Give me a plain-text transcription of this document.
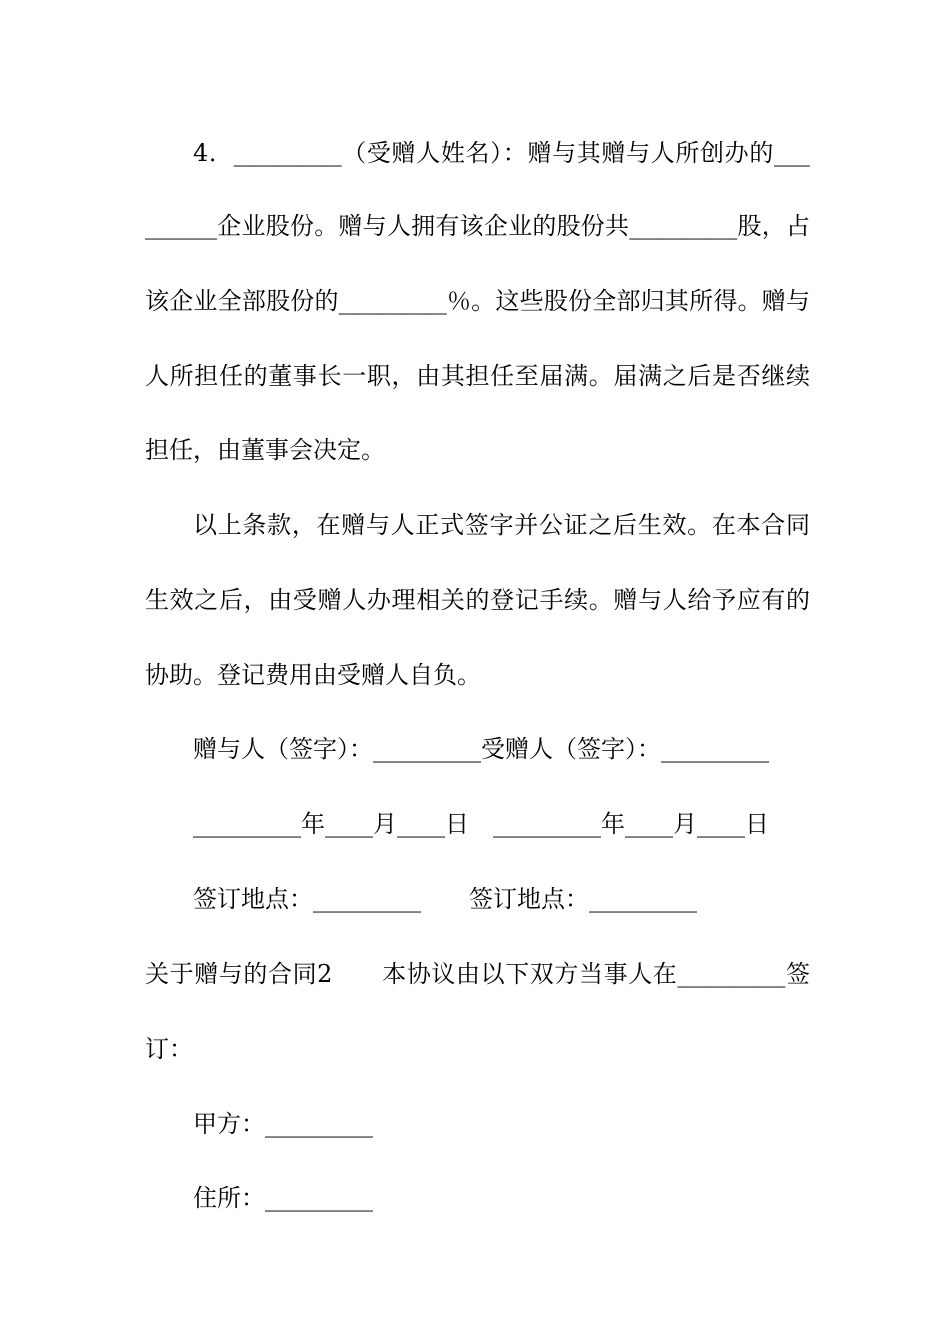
4．_________（受赠人姓名）：赠与其赠与人所创办的___
______企业股份。赠与人拥有该企业的股份共_________股，占
该企业全部股份的_________％。这些股份全部归其所得。赠与
人所担任的董事长一职，由其担任至届满。届满之后是否继续
担任，由董事会决定。
以上条款，在赠与人正式签字并公证之后生效。在本合同
生效之后，由受赠人办理相关的登记手续。赠与人给予应有的
协助。登记费用由受赠人自负。
赠与人（签字）：_________受赠人（签字）：_________
_________年____月____日　_________年____月____日
签订地点：_________　　签订地点：_________
关于赠与的合同2　　本协议由以下双方当事人在_________签
订：
甲方：_________
住所：_________
